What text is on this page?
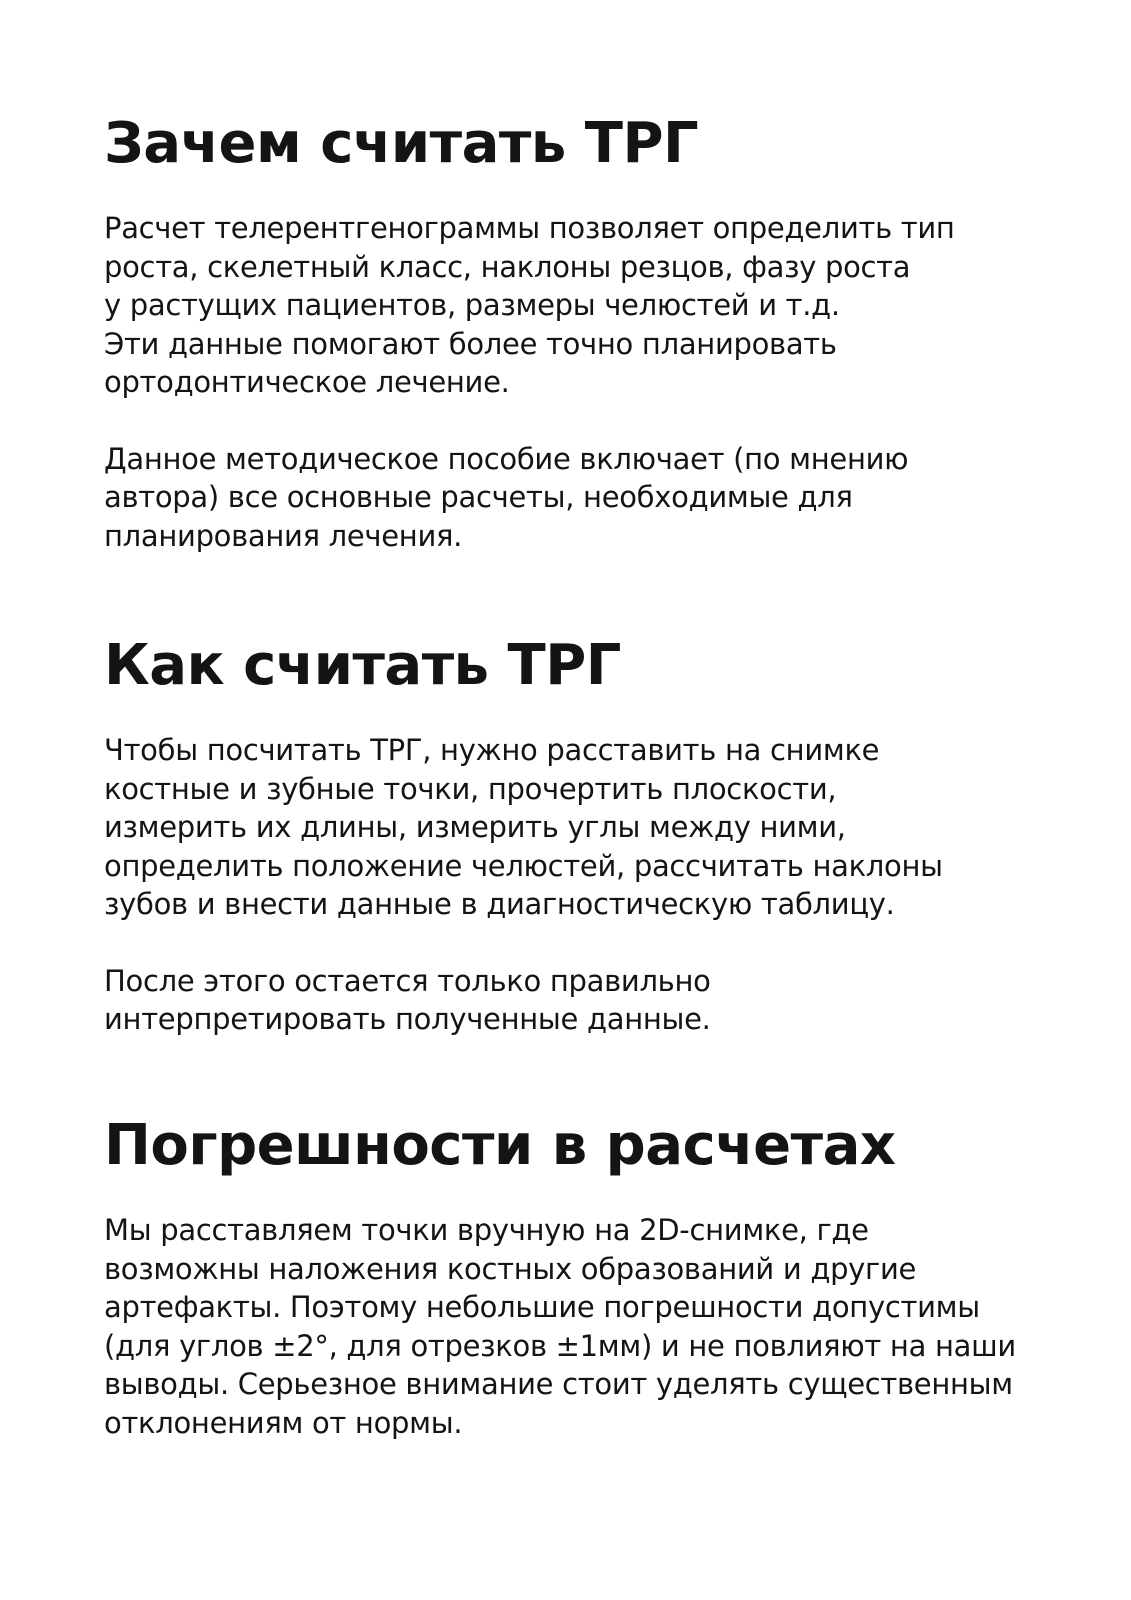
Зачем считать ТРГ

Расчет телерентгенограммы позволяет определить тип
роста, скелетный класс, наклоны резцов, фазу роста
у растущих пациентов, размеры челюстей и т.д.
Эти данные помогают более точно планировать
ортодонтическое лечение.

Данное методическое пособие включает (по мнению
автора) все основные расчеты, необходимые для
планирования лечения.

Как считать ТРГ

Чтобы посчитать ТРГ, нужно расставить на снимке
костные и зубные точки, прочертить плоскости,
измерить их длины, измерить углы между ними,
определить положение челюстей, рассчитать наклоны
зубов и внести данные в диагностическую таблицу.

После этого остается только правильно
интерпретировать полученные данные.

Погрешности в расчетах

Мы расставляем точки вручную на 2D-снимке, где
возможны наложения костных образований и другие
артефакты. Поэтому небольшие погрешности допустимы
(для углов ±2°, для отрезков ±1мм) и не повлияют на наши
выводы. Серьезное внимание стоит уделять существенным
отклонениям от нормы.
